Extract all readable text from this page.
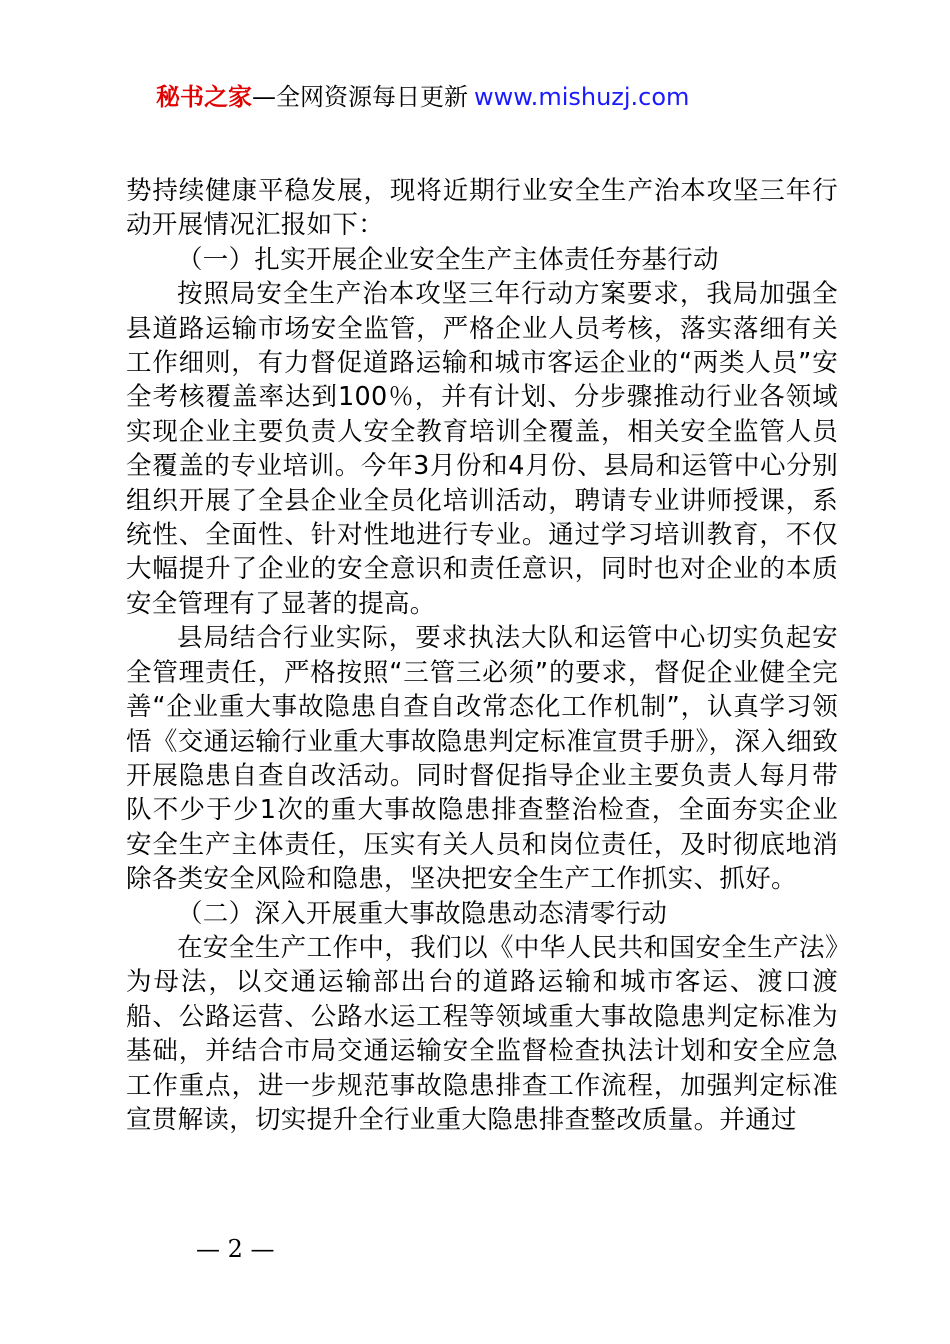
秘书之家—全网资源每日更新 www.mishuzj.com

势持续健康平稳发展，现将近期行业安全生产治本攻坚三年行动开展情况汇报如下：

（一）扎实开展企业安全生产主体责任夯基行动

按照局安全生产治本攻坚三年行动方案要求，我局加强全县道路运输市场安全监管，严格企业人员考核，落实落细有关工作细则，有力督促道路运输和城市客运企业的“两类人员”安全考核覆盖率达到100％，并有计划、分步骤推动行业各领域实现企业主要负责人安全教育培训全覆盖，相关安全监管人员全覆盖的专业培训。今年3月份和4月份、县局和运管中心分别组织开展了全县企业全员化培训活动，聘请专业讲师授课，系统性、全面性、针对性地进行专业。通过学习培训教育，不仅大幅提升了企业的安全意识和责任意识，同时也对企业的本质安全管理有了显著的提高。

县局结合行业实际，要求执法大队和运管中心切实负起安全管理责任，严格按照“三管三必须”的要求，督促企业健全完善“企业重大事故隐患自查自改常态化工作机制”，认真学习领悟《交通运输行业重大事故隐患判定标准宣贯手册》，深入细致开展隐患自查自改活动。同时督促指导企业主要负责人每月带队不少于少1次的重大事故隐患排查整治检查，全面夯实企业安全生产主体责任，压实有关人员和岗位责任，及时彻底地消除各类安全风险和隐患，坚决把安全生产工作抓实、抓好。

（二）深入开展重大事故隐患动态清零行动

在安全生产工作中，我们以《中华人民共和国安全生产法》为母法，以交通运输部出台的道路运输和城市客运、渡口渡船、公路运营、公路水运工程等领域重大事故隐患判定标准为基础，并结合市局交通运输安全监督检查执法计划和安全应急工作重点，进一步规范事故隐患排查工作流程，加强判定标准宣贯解读，切实提升全行业重大隐患排查整改质量。并通过

— 2 —
